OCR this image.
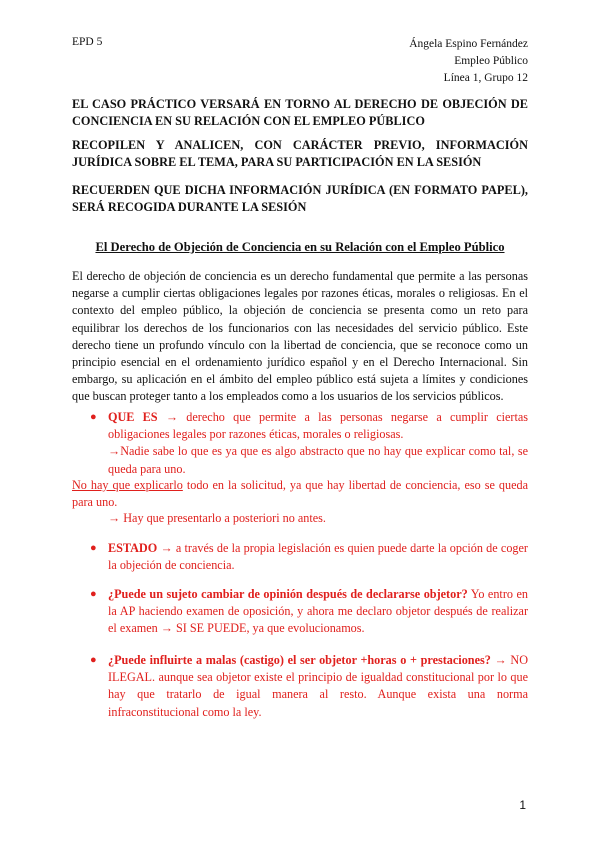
EPD 5	Ángela Espino Fernández
Empleo Público
Línea 1, Grupo 12
EL CASO PRÁCTICO VERSARÁ EN TORNO AL DERECHO DE OBJECIÓN DE CONCIENCIA EN SU RELACIÓN CON EL EMPLEO PÚBLICO
RECOPILEN Y ANALICEN, CON CARÁCTER PREVIO, INFORMACIÓN JURÍDICA SOBRE EL TEMA, PARA SU PARTICIPACIÓN EN LA SESIÓN
RECUERDEN QUE DICHA INFORMACIÓN JURÍDICA (EN FORMATO PAPEL), SERÁ RECOGIDA DURANTE LA SESIÓN
El Derecho de Objeción de Conciencia en su Relación con el Empleo Público
El derecho de objeción de conciencia es un derecho fundamental que permite a las personas negarse a cumplir ciertas obligaciones legales por razones éticas, morales o religiosas. En el contexto del empleo público, la objeción de conciencia se presenta como un reto para equilibrar los derechos de los funcionarios con las necesidades del servicio público. Este derecho tiene un profundo vínculo con la libertad de conciencia, que se reconoce como un principio esencial en el ordenamiento jurídico español y en el Derecho Internacional. Sin embargo, su aplicación en el ámbito del empleo público está sujeta a límites y condiciones que buscan proteger tanto a los empleados como a los usuarios de los servicios públicos.
● QUE ES → derecho que permite a las personas negarse a cumplir ciertas obligaciones legales por razones éticas, morales o religiosas.
→Nadie sabe lo que es ya que es algo abstracto que no hay que explicar como tal, se queda para uno.
No hay que explicarlo todo en la solicitud, ya que hay libertad de conciencia, eso se queda para uno.
→ Hay que presentarlo a posteriori no antes.
● ESTADO → a través de la propia legislación es quien puede darte la opción de coger la objeción de conciencia.
● ¿Puede un sujeto cambiar de opinión después de declararse objetor? Yo entro en la AP haciendo examen de oposición, y ahora me declaro objetor después de realizar el examen → SI SE PUEDE, ya que evolucionamos.
● ¿Puede influirte a malas (castigo) el ser objetor +horas o + prestaciones? → NO ILEGAL. aunque sea objetor existe el principio de igualdad constitucional por lo que hay que tratarlo de igual manera al resto. Aunque exista una norma infraconstitucional como la ley.
1
